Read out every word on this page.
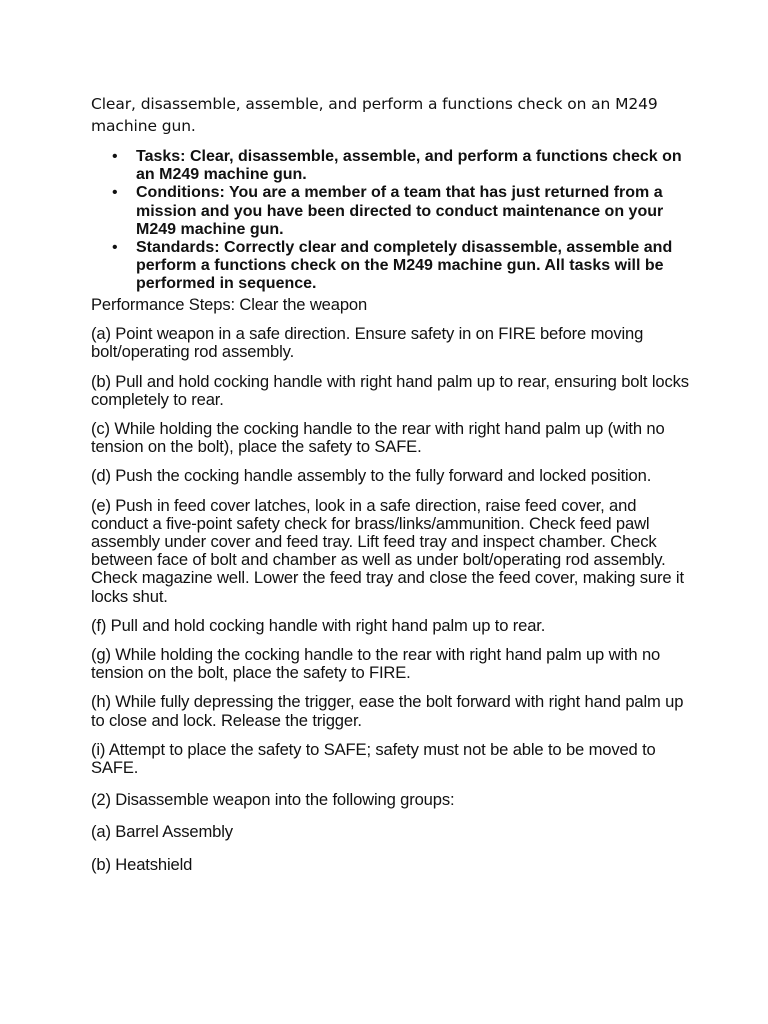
Clear, disassemble, assemble, and perform a functions check on an M249 machine gun.
• Tasks: Clear, disassemble, assemble, and perform a functions check on an M249 machine gun.
• Conditions: You are a member of a team that has just returned from a mission and you have been directed to conduct maintenance on your M249 machine gun.
• Standards: Correctly clear and completely disassemble, assemble and perform a functions check on the M249 machine gun. All tasks will be performed in sequence.

Performance Steps: Clear the weapon

(a) Point weapon in a safe direction. Ensure safety in on FIRE before moving bolt/operating rod assembly.

(b) Pull and hold cocking handle with right hand palm up to rear, ensuring bolt locks completely to rear.

(c) While holding the cocking handle to the rear with right hand palm up (with no tension on the bolt), place the safety to SAFE.

(d) Push the cocking handle assembly to the fully forward and locked position.

(e) Push in feed cover latches, look in a safe direction, raise feed cover, and conduct a five-point safety check for brass/links/ammunition. Check feed pawl assembly under cover and feed tray. Lift feed tray and inspect chamber. Check between face of bolt and chamber as well as under bolt/operating rod assembly. Check magazine well. Lower the feed tray and close the feed cover, making sure it locks shut.

(f) Pull and hold cocking handle with right hand palm up to rear.

(g) While holding the cocking handle to the rear with right hand palm up with no tension on the bolt, place the safety to FIRE.

(h) While fully depressing the trigger, ease the bolt forward with right hand palm up to close and lock. Release the trigger.

(i) Attempt to place the safety to SAFE; safety must not be able to be moved to SAFE.

(2) Disassemble weapon into the following groups:

(a) Barrel Assembly

(b) Heatshield
